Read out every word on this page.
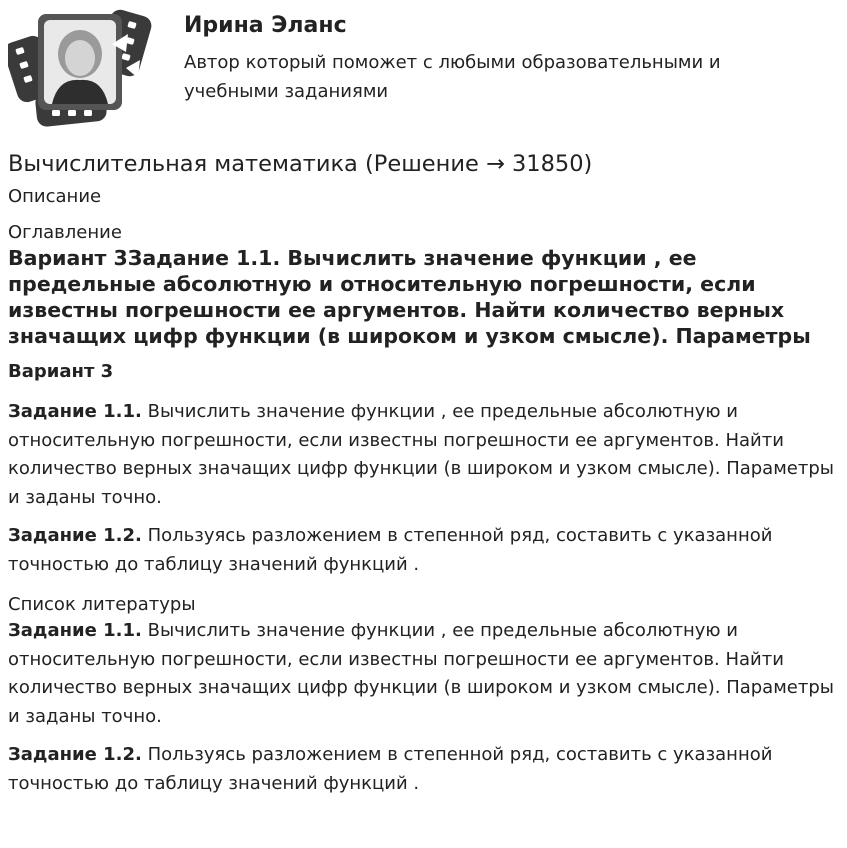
Ирина Эланс
Автор который поможет с любыми образовательными и учебными заданиями
Вычислительная математика (Решение → 31850)
Описание
Оглавление
Вариант 3Задание 1.1. Вычислить значение функции , ее предельные абсолютную и относительную погрешности, если известны погрешности ее аргументов. Найти количество верных значащих цифр функции (в широком и узком смысле). Параметры
Вариант 3

Задание 1.1. Вычислить значение функции , ее предельные абсолютную и относительную погрешности, если известны погрешности ее аргументов. Найти количество верных значащих цифр функции (в широком и узком смысле). Параметры и заданы точно.

Задание 1.2. Пользуясь разложением в степенной ряд, составить с указанной точностью до таблицу значений функций .

Список литературы

Задание 1.1. Вычислить значение функции , ее предельные абсолютную и относительную погрешности, если известны погрешности ее аргументов. Найти количество верных значащих цифр функции (в широком и узком смысле). Параметры и заданы точно.

Задание 1.2. Пользуясь разложением в степенной ряд, составить с указанной точностью до таблицу значений функций .
